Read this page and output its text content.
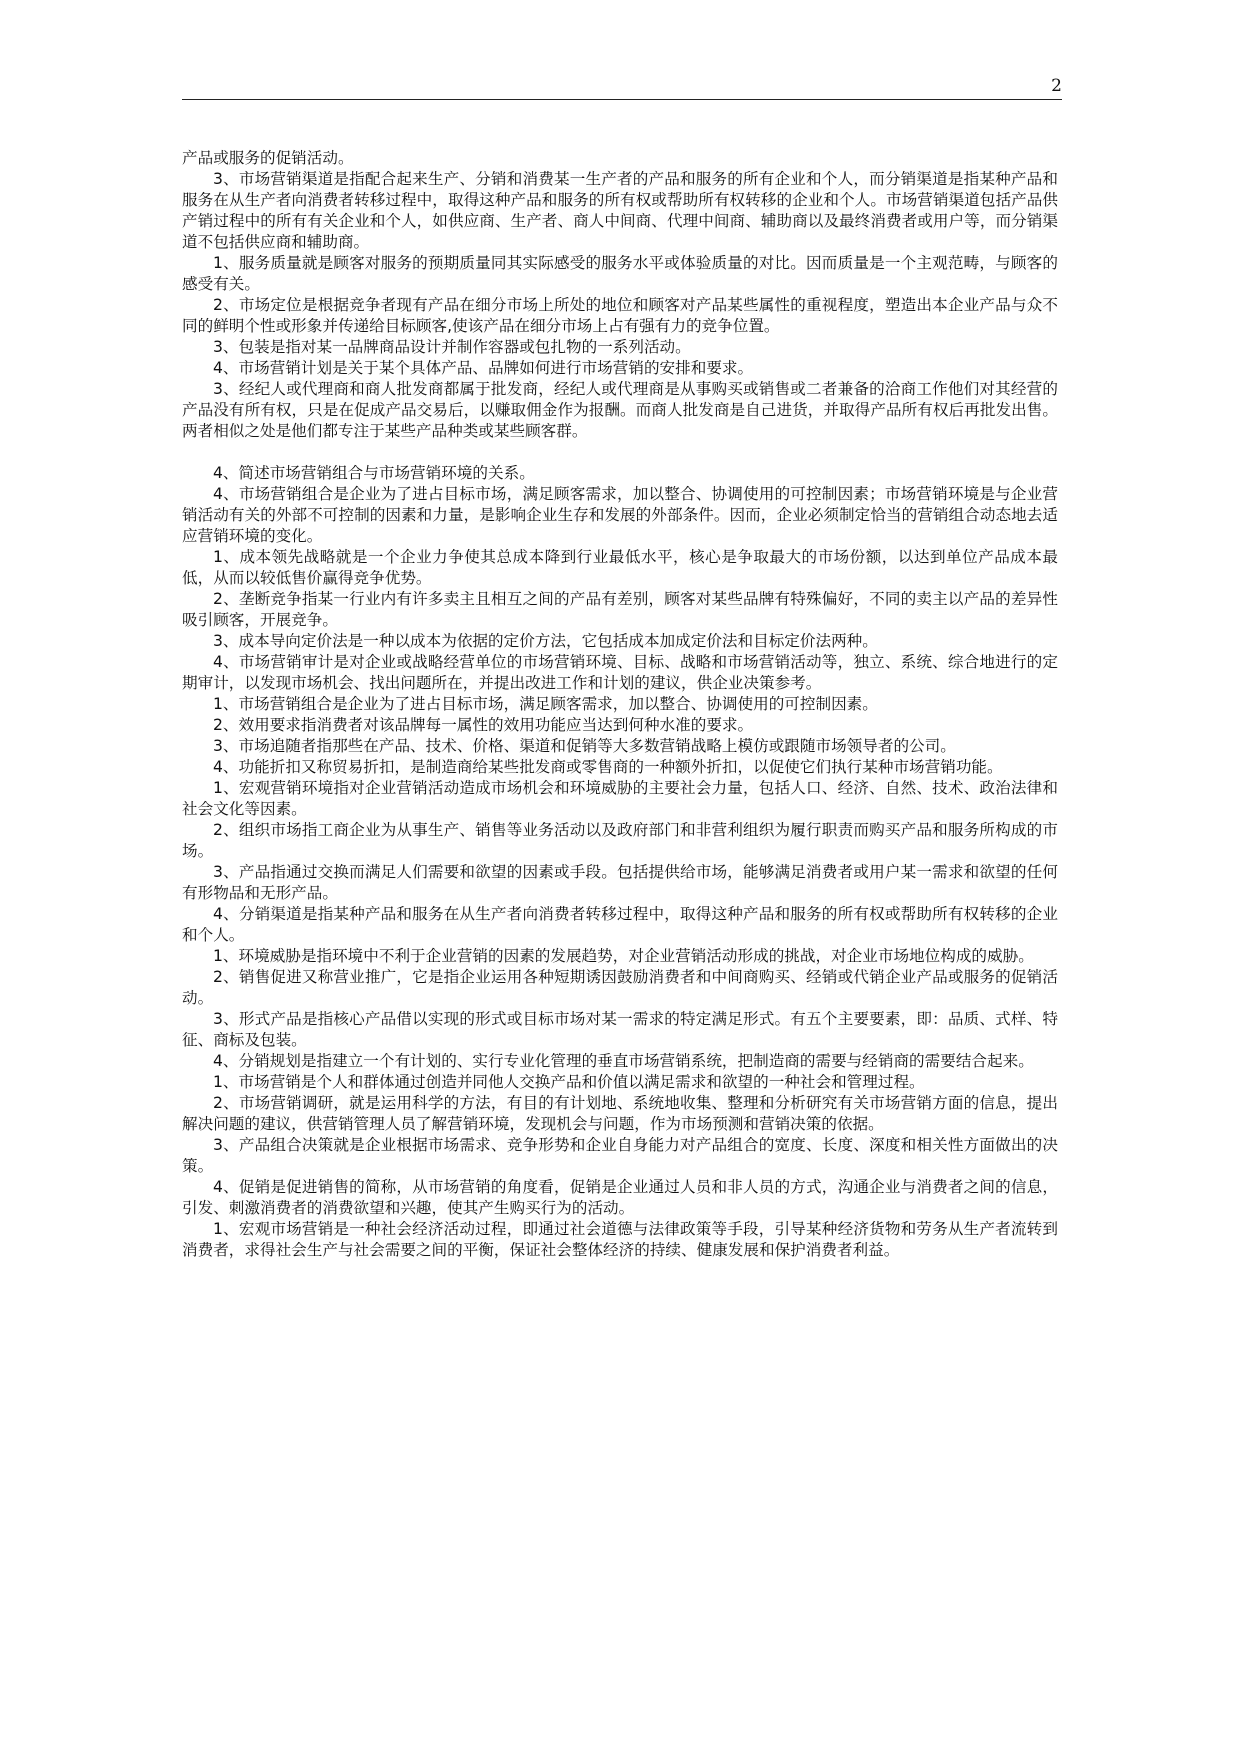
2

产品或服务的促销活动。

3、市场营销渠道是指配合起来生产、分销和消费某一生产者的产品和服务的所有企业和个人，而分销渠道是指某种产品和服务在从生产者向消费者转移过程中，取得这种产品和服务的所有权或帮助所有权转移的企业和个人。市场营销渠道包括产品供产销过程中的所有有关企业和个人，如供应商、生产者、商人中间商、代理中间商、辅助商以及最终消费者或用户等，而分销渠道不包括供应商和辅助商。

1、服务质量就是顾客对服务的预期质量同其实际感受的服务水平或体验质量的对比。因而质量是一个主观范畴，与顾客的感受有关。

2、市场定位是根据竞争者现有产品在细分市场上所处的地位和顾客对产品某些属性的重视程度，塑造出本企业产品与众不同的鲜明个性或形象并传递给目标顾客,使该产品在细分市场上占有强有力的竞争位置。

3、包装是指对某一品牌商品设计并制作容器或包扎物的一系列活动。

4、市场营销计划是关于某个具体产品、品牌如何进行市场营销的安排和要求。

3、经纪人或代理商和商人批发商都属于批发商，经纪人或代理商是从事购买或销售或二者兼备的洽商工作他们对其经营的产品没有所有权，只是在促成产品交易后，以赚取佣金作为报酬。而商人批发商是自己进货，并取得产品所有权后再批发出售。两者相似之处是他们都专注于某些产品种类或某些顾客群。

4、简述市场营销组合与市场营销环境的关系。

4、市场营销组合是企业为了进占目标市场，满足顾客需求，加以整合、协调使用的可控制因素；市场营销环境是与企业营销活动有关的外部不可控制的因素和力量，是影响企业生存和发展的外部条件。因而，企业必须制定恰当的营销组合动态地去适应营销环境的变化。

1、成本领先战略就是一个企业力争使其总成本降到行业最低水平，核心是争取最大的市场份额，以达到单位产品成本最低，从而以较低售价赢得竞争优势。

2、垄断竞争指某一行业内有许多卖主且相互之间的产品有差别，顾客对某些品牌有特殊偏好，不同的卖主以产品的差异性吸引顾客，开展竞争。

3、成本导向定价法是一种以成本为依据的定价方法，它包括成本加成定价法和目标定价法两种。

4、市场营销审计是对企业或战略经营单位的市场营销环境、目标、战略和市场营销活动等，独立、系统、综合地进行的定期审计，以发现市场机会、找出问题所在，并提出改进工作和计划的建议，供企业决策参考。

1、市场营销组合是企业为了进占目标市场，满足顾客需求，加以整合、协调使用的可控制因素。

2、效用要求指消费者对该品牌每一属性的效用功能应当达到何种水准的要求。

3、市场追随者指那些在产品、技术、价格、渠道和促销等大多数营销战略上模仿或跟随市场领导者的公司。

4、功能折扣又称贸易折扣，是制造商给某些批发商或零售商的一种额外折扣，以促使它们执行某种市场营销功能。

1、宏观营销环境指对企业营销活动造成市场机会和环境威胁的主要社会力量，包括人口、经济、自然、技术、政治法律和社会文化等因素。

2、组织市场指工商企业为从事生产、销售等业务活动以及政府部门和非营利组织为履行职责而购买产品和服务所构成的市场。

3、产品指通过交换而满足人们需要和欲望的因素或手段。包括提供给市场，能够满足消费者或用户某一需求和欲望的任何有形物品和无形产品。

4、分销渠道是指某种产品和服务在从生产者向消费者转移过程中，取得这种产品和服务的所有权或帮助所有权转移的企业和个人。

1、环境威胁是指环境中不利于企业营销的因素的发展趋势，对企业营销活动形成的挑战，对企业市场地位构成的威胁。

2、销售促进又称营业推广，它是指企业运用各种短期诱因鼓励消费者和中间商购买、经销或代销企业产品或服务的促销活动。

3、形式产品是指核心产品借以实现的形式或目标市场对某一需求的特定满足形式。有五个主要要素，即：品质、式样、特征、商标及包装。

4、分销规划是指建立一个有计划的、实行专业化管理的垂直市场营销系统，把制造商的需要与经销商的需要结合起来。

1、市场营销是个人和群体通过创造并同他人交换产品和价值以满足需求和欲望的一种社会和管理过程。

2、市场营销调研，就是运用科学的方法，有目的有计划地、系统地收集、整理和分析研究有关市场营销方面的信息，提出解决问题的建议，供营销管理人员了解营销环境，发现机会与问题，作为市场预测和营销决策的依据。

3、产品组合决策就是企业根据市场需求、竞争形势和企业自身能力对产品组合的宽度、长度、深度和相关性方面做出的决策。

4、促销是促进销售的简称，从市场营销的角度看，促销是企业通过人员和非人员的方式，沟通企业与消费者之间的信息，引发、刺激消费者的消费欲望和兴趣，使其产生购买行为的活动。

1、宏观市场营销是一种社会经济活动过程，即通过社会道德与法律政策等手段，引导某种经济货物和劳务从生产者流转到消费者，求得社会生产与社会需要之间的平衡，保证社会整体经济的持续、健康发展和保护消费者利益。
